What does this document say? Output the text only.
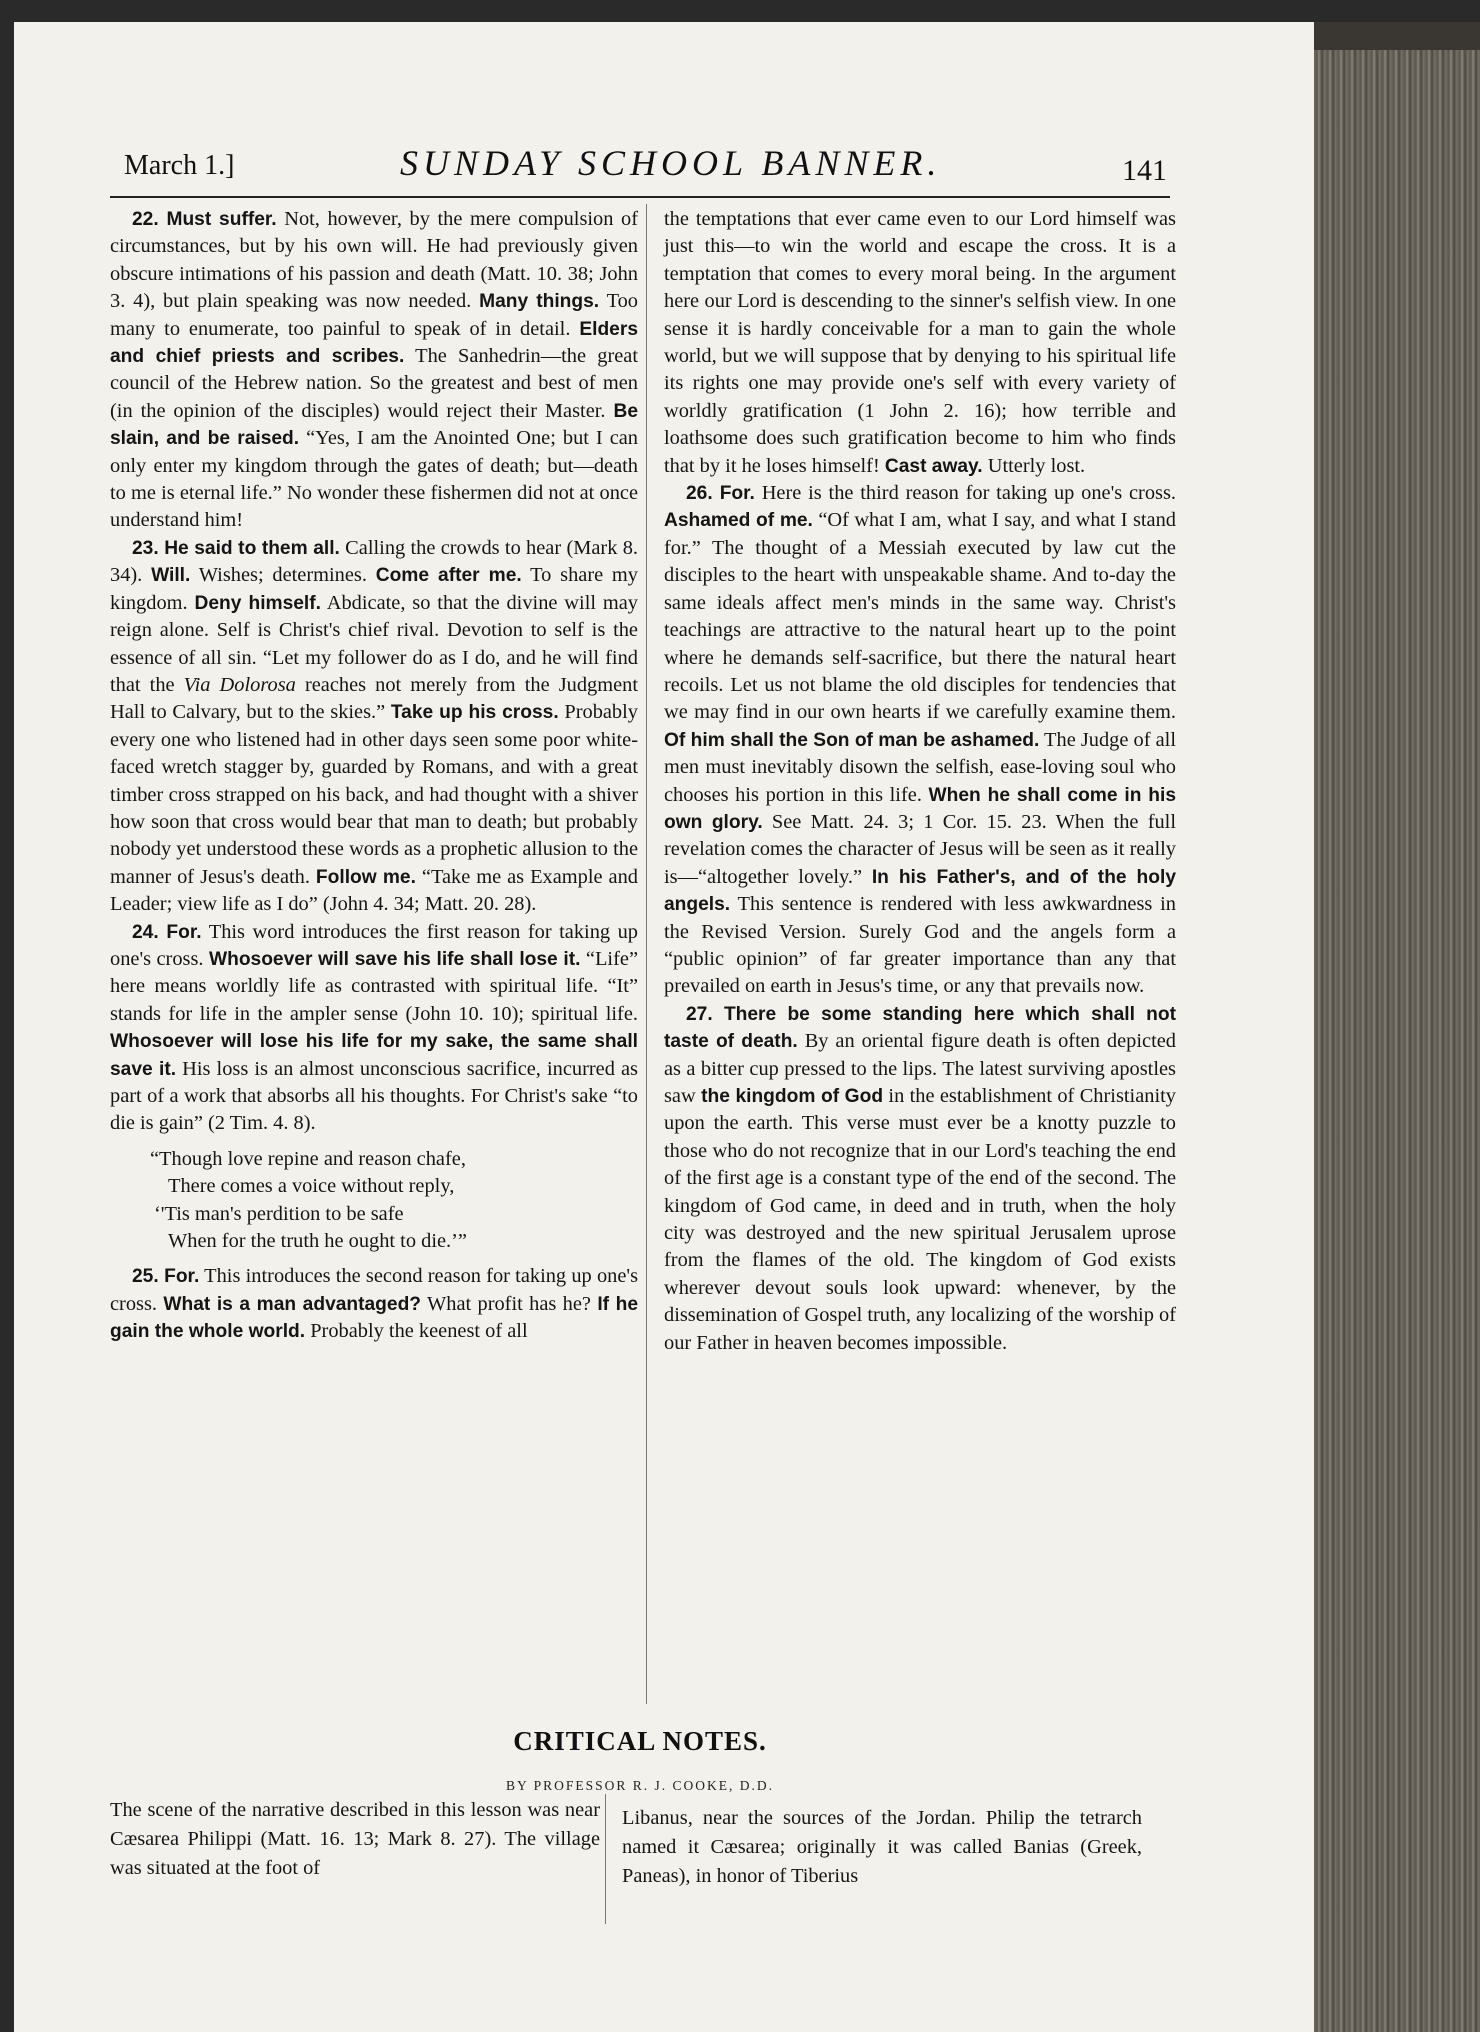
March 1.]	SUNDAY SCHOOL BANNER.	141

22. Must suffer. Not, however, by the mere compulsion of circumstances, but by his own will. He had previously given obscure intimations of his passion and death (Matt. 10. 38; John 3. 4), but plain speaking was now needed. Many things. Too many to enumerate, too painful to speak of in detail. Elders and chief priests and scribes. The Sanhedrin—the great council of the Hebrew nation. So the greatest and best of men (in the opinion of the disciples) would reject their Master. Be slain, and be raised. “Yes, I am the Anointed One; but I can only enter my kingdom through the gates of death; but—death to me is eternal life.” No wonder these fishermen did not at once understand him!

23. He said to them all. Calling the crowds to hear (Mark 8. 34). Will. Wishes; determines. Come after me. To share my kingdom. Deny himself. Abdicate, so that the divine will may reign alone. Self is Christ's chief rival. Devotion to self is the essence of all sin. “Let my follower do as I do, and he will find that the Via Dolorosa reaches not merely from the Judgment Hall to Calvary, but to the skies.” Take up his cross. Probably every one who listened had in other days seen some poor white-faced wretch stagger by, guarded by Romans, and with a great timber cross strapped on his back, and had thought with a shiver how soon that cross would bear that man to death; but probably nobody yet understood these words as a prophetic allusion to the manner of Jesus's death. Follow me. “Take me as Example and Leader; view life as I do” (John 4. 34; Matt. 20. 28).

24. For. This word introduces the first reason for taking up one's cross. Whosoever will save his life shall lose it. “Life” here means worldly life as contrasted with spiritual life. “It” stands for life in the ampler sense (John 10. 10); spiritual life. Whosoever will lose his life for my sake, the same shall save it. His loss is an almost unconscious sacrifice, incurred as part of a work that absorbs all his thoughts. For Christ's sake “to die is gain” (2 Tim. 4. 8).

“Though love repine and reason chafe,
There comes a voice without reply,
‘'Tis man's perdition to be safe
When for the truth he ought to die.’”

25. For. This introduces the second reason for taking up one's cross. What is a man advantaged? What profit has he? If he gain the whole world. Probably the keenest of all

the temptations that ever came even to our Lord himself was just this—to win the world and escape the cross. It is a temptation that comes to every moral being. In the argument here our Lord is descending to the sinner's selfish view. In one sense it is hardly conceivable for a man to gain the whole world, but we will suppose that by denying to his spiritual life its rights one may provide one's self with every variety of worldly gratification (1 John 2. 16); how terrible and loathsome does such gratification become to him who finds that by it he loses himself! Cast away. Utterly lost.

26. For. Here is the third reason for taking up one's cross. Ashamed of me. “Of what I am, what I say, and what I stand for.” The thought of a Messiah executed by law cut the disciples to the heart with unspeakable shame. And to-day the same ideals affect men's minds in the same way. Christ's teachings are attractive to the natural heart up to the point where he demands self-sacrifice, but there the natural heart recoils. Let us not blame the old disciples for tendencies that we may find in our own hearts if we carefully examine them. Of him shall the Son of man be ashamed. The Judge of all men must inevitably disown the selfish, ease-loving soul who chooses his portion in this life. When he shall come in his own glory. See Matt. 24. 3; 1 Cor. 15. 23. When the full revelation comes the character of Jesus will be seen as it really is—“altogether lovely.” In his Father's, and of the holy angels. This sentence is rendered with less awkwardness in the Revised Version. Surely God and the angels form a “public opinion” of far greater importance than any that prevailed on earth in Jesus's time, or any that prevails now.

27. There be some standing here which shall not taste of death. By an oriental figure death is often depicted as a bitter cup pressed to the lips. The latest surviving apostles saw the kingdom of God in the establishment of Christianity upon the earth. This verse must ever be a knotty puzzle to those who do not recognize that in our Lord's teaching the end of the first age is a constant type of the end of the second. The kingdom of God came, in deed and in truth, when the holy city was destroyed and the new spiritual Jerusalem uprose from the flames of the old. The kingdom of God exists wherever devout souls look upward: whenever, by the dissemination of Gospel truth, any localizing of the worship of our Father in heaven becomes impossible.

CRITICAL NOTES.
BY PROFESSOR R. J. COOKE, D.D.
The scene of the narrative described in this lesson was near Cæsarea Philippi (Matt. 16. 13; Mark 8. 27). The village was situated at the foot of
Libanus, near the sources of the Jordan. Philip the tetrarch named it Cæsarea; originally it was called Banias (Greek, Paneas), in honor of Tiberius
